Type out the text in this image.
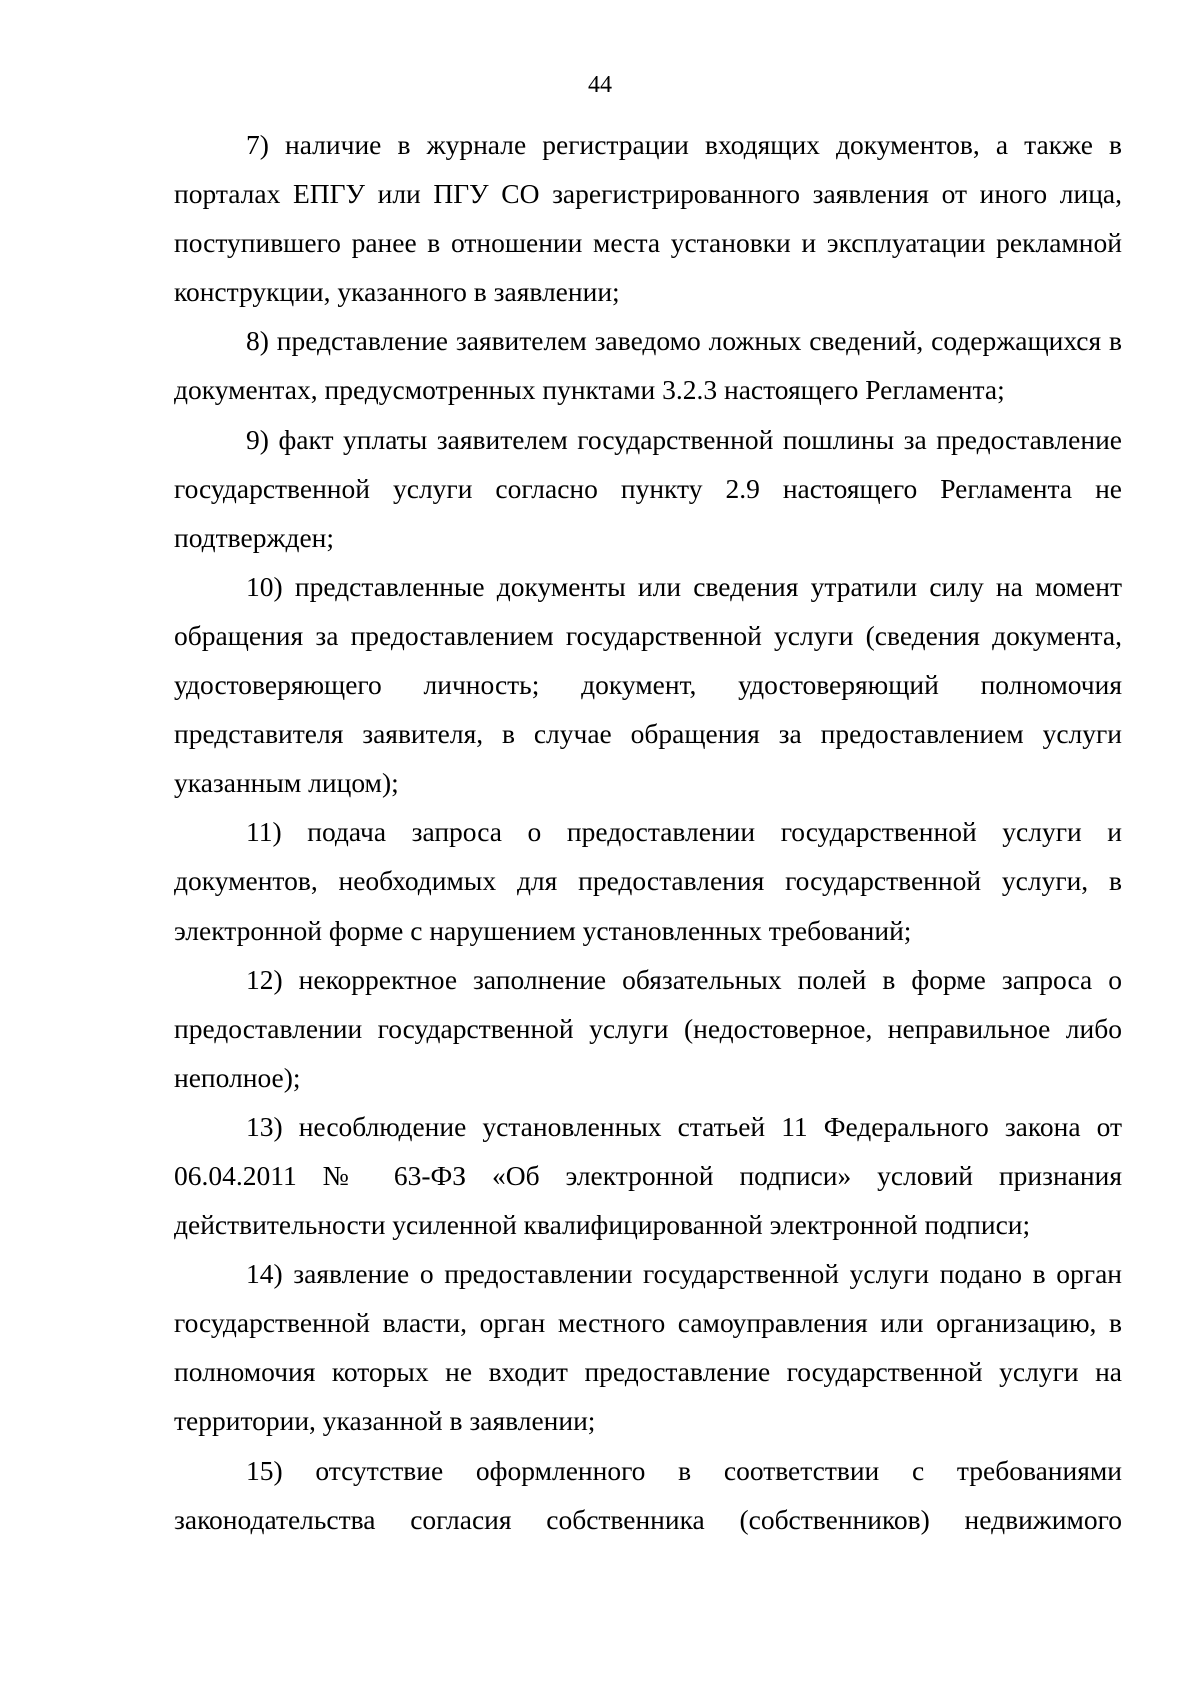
44

7) наличие в журнале регистрации входящих документов, а также в порталах ЕПГУ или ПГУ СО зарегистрированного заявления от иного лица, поступившего ранее в отношении места установки и эксплуатации рекламной конструкции, указанного в заявлении;

8) представление заявителем заведомо ложных сведений, содержащихся в документах, предусмотренных пунктами 3.2.3 настоящего Регламента;

9) факт уплаты заявителем государственной пошлины за предоставление государственной услуги согласно пункту 2.9 настоящего Регламента не подтвержден;

10) представленные документы или сведения утратили силу на момент обращения за предоставлением государственной услуги (сведения документа, удостоверяющего личность; документ, удостоверяющий полномочия представителя заявителя, в случае обращения за предоставлением услуги указанным лицом);

11) подача запроса о предоставлении государственной услуги и документов, необходимых для предоставления государственной услуги, в электронной форме с нарушением установленных требований;

12) некорректное заполнение обязательных полей в форме запроса о предоставлении государственной услуги (недостоверное, неправильное либо неполное);

13) несоблюдение установленных статьей 11 Федерального закона от 06.04.2011 № 63-ФЗ «Об электронной подписи» условий признания действительности усиленной квалифицированной электронной подписи;

14) заявление о предоставлении государственной услуги подано в орган государственной власти, орган местного самоуправления или организацию, в полномочия которых не входит предоставление государственной услуги на территории, указанной в заявлении;

15) отсутствие оформленного в соответствии с требованиями законодательства согласия собственника (собственников) недвижимого
